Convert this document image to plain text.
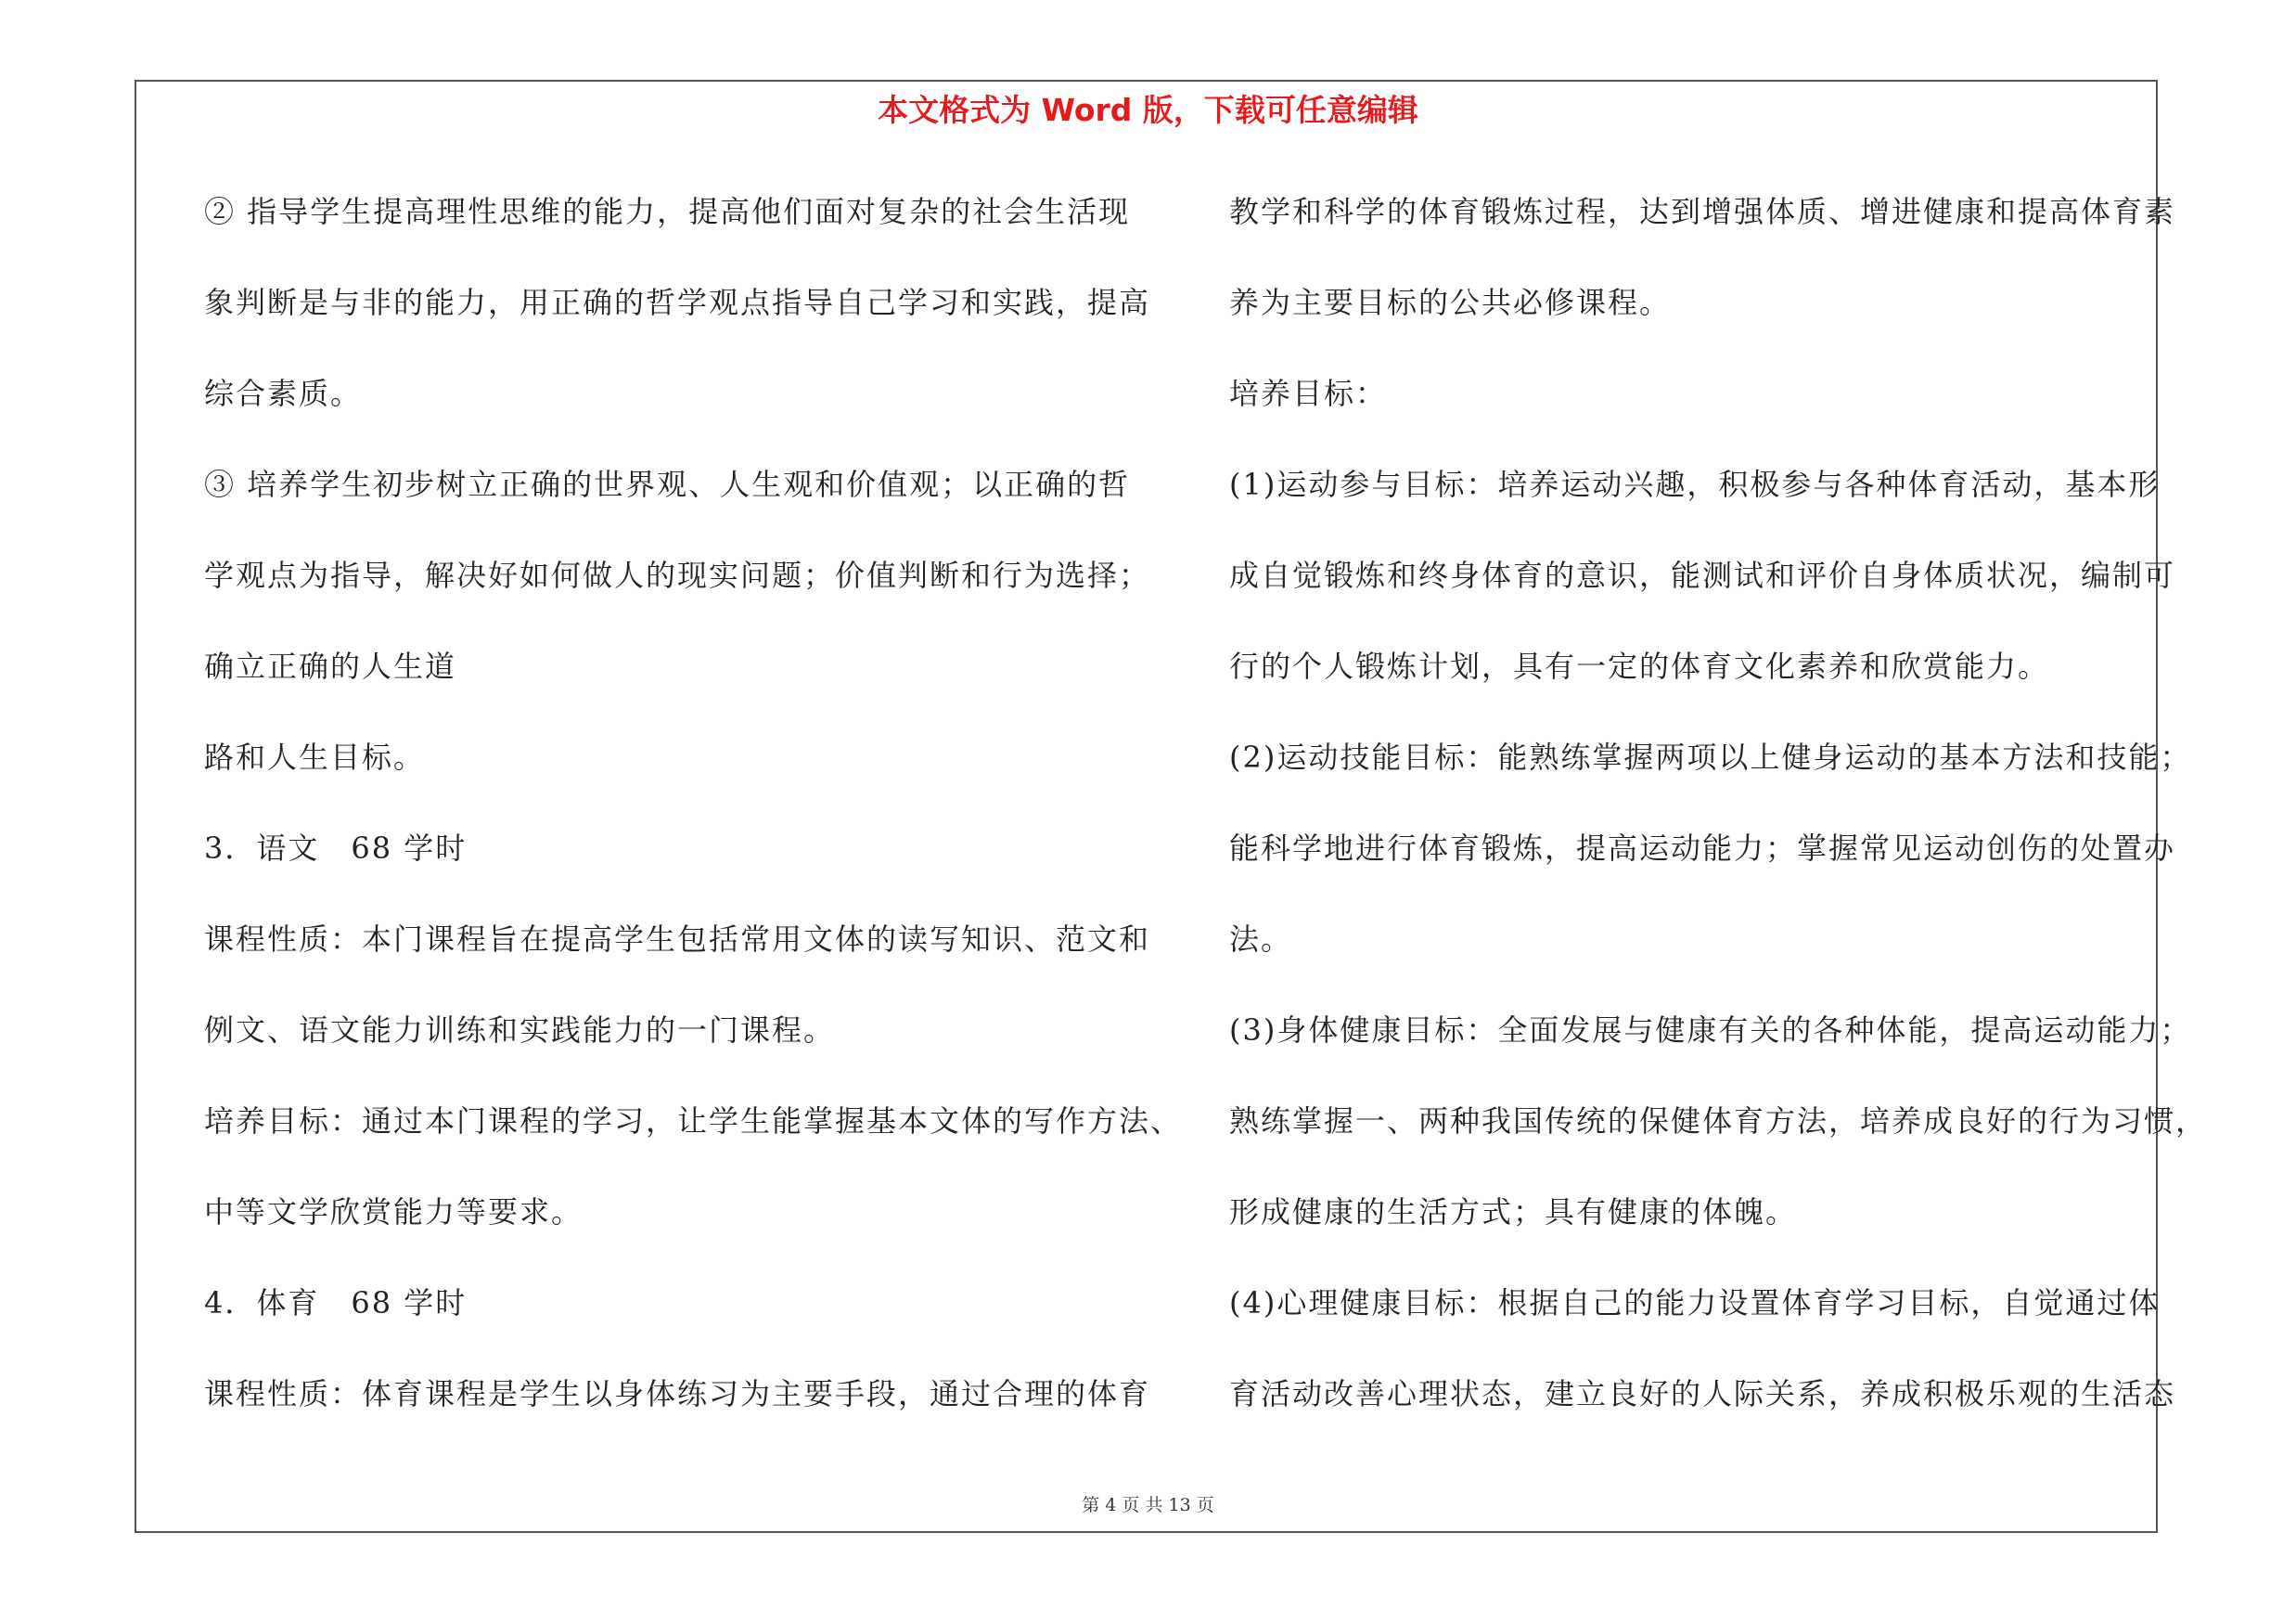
本文格式为 Word 版，下载可任意编辑
② 指导学生提高理性思维的能力，提高他们面对复杂的社会生活现
象判断是与非的能力，用正确的哲学观点指导自己学习和实践，提高
综合素质。
③ 培养学生初步树立正确的世界观、人生观和价值观；以正确的哲
学观点为指导，解决好如何做人的现实问题；价值判断和行为选择；
确立正确的人生道
路和人生目标。
3．语文　68 学时
课程性质：本门课程旨在提高学生包括常用文体的读写知识、范文和
例文、语文能力训练和实践能力的一门课程。
培养目标：通过本门课程的学习，让学生能掌握基本文体的写作方法、
中等文学欣赏能力等要求。
4．体育　68 学时
课程性质：体育课程是学生以身体练习为主要手段，通过合理的体育
教学和科学的体育锻炼过程，达到增强体质、增进健康和提高体育素
养为主要目标的公共必修课程。
培养目标：
(1)运动参与目标：培养运动兴趣，积极参与各种体育活动，基本形
成自觉锻炼和终身体育的意识，能测试和评价自身体质状况，编制可
行的个人锻炼计划，具有一定的体育文化素养和欣赏能力。
(2)运动技能目标：能熟练掌握两项以上健身运动的基本方法和技能；
能科学地进行体育锻炼，提高运动能力；掌握常见运动创伤的处置办
法。
(3)身体健康目标：全面发展与健康有关的各种体能，提高运动能力；
熟练掌握一、两种我国传统的保健体育方法，培养成良好的行为习惯，
形成健康的生活方式；具有健康的体魄。
(4)心理健康目标：根据自己的能力设置体育学习目标，自觉通过体
育活动改善心理状态，建立良好的人际关系，养成积极乐观的生活态
第 4 页 共 13 页
